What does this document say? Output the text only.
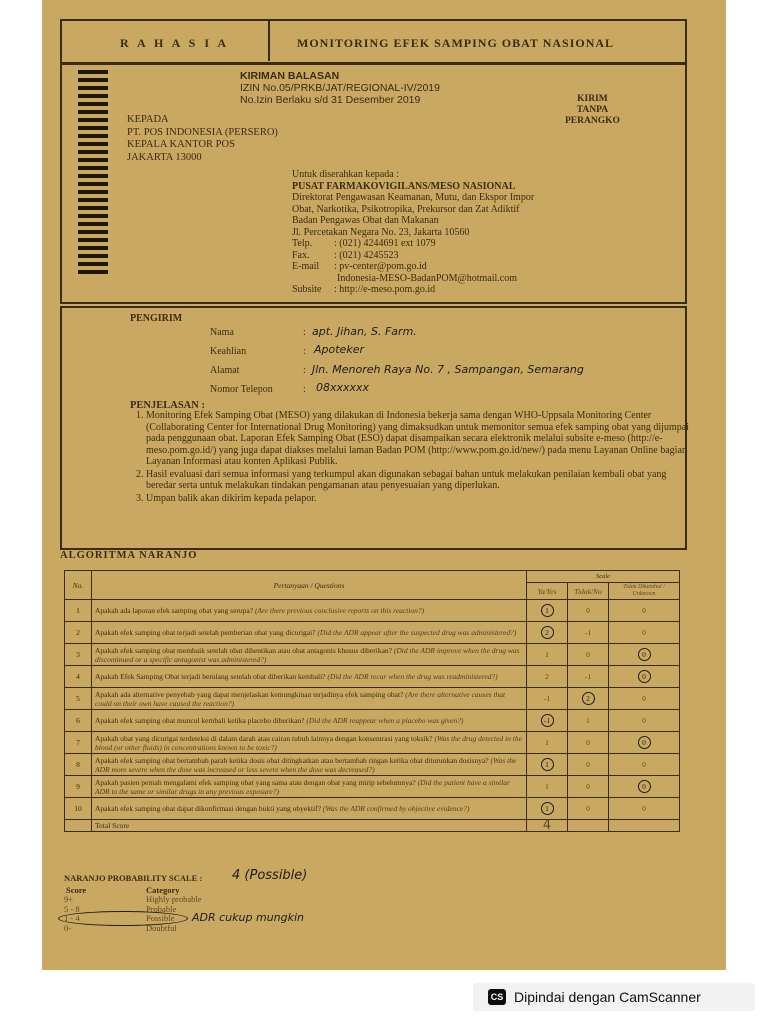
R A H A S I A	MONITORING EFEK SAMPING OBAT NASIONAL
KIRIMAN BALASAN
IZIN No.05/PRKB/JAT/REGIONAL-IV/2019
No.Izin Berlaku s/d 31 Desember 2019	KIRIM
TANPA
PERANGKO
KEPADA
PT. POS INDONESIA (PERSERO)
KEPALA KANTOR POS
JAKARTA 13000
Untuk diserahkan kepada :
PUSAT FARMAKOVIGILANS/MESO NASIONAL
Direktorat Pengawasan Keamanan, Mutu, dan Ekspor Impor
Obat, Narkotika, Psikotropika, Prekursor dan Zat Adiktif
Badan Pengawas Obat dan Makanan
Jl. Percetakan Negara No. 23, Jakarta 10560
Telp. : (021) 4244691 ext 1079
Fax. : (021) 4245523
E-mail : pv-center@pom.go.id
Indonesia-MESO-BadanPOM@hotmail.com
Subsite : http://e-meso.pom.go.id
PENGIRIM
Nama	: apt. Jihan, S. Farm.
Keahlian	: Apoteker
Alamat	: Jln. Menoreh Raya No. 7 , Sampangan, Semarang
Nomor Telepon	: 08xxxxxx
PENJELASAN :
1. Monitoring Efek Samping Obat (MESO) yang dilakukan di Indonesia bekerja sama dengan WHO-Uppsala Monitoring Center (Collaborating Center for International Drug Monitoring) yang dimaksudkan untuk memonitor semua efek samping obat yang dijumpai pada penggunaan obat. Laporan Efek Samping Obat (ESO) dapat disampaikan secara elektronik melalui subsite e-meso (http://e-meso.pom.go.id/) yang juga dapat diakses melalui laman Badan POM (http://www.pom.go.id/new/) pada menu Layanan Online bagian Layanan Informasi atau konten Aplikasi Publik.
2. Hasil evaluasi dari semua informasi yang terkumpul akan digunakan sebagai bahan untuk melakukan penilaian kembali obat yang beredar serta untuk melakukan tindakan pengamanan atau penyesuaian yang diperlukan.
3. Umpan balik akan dikirim kepada pelapor.
ALGORITMA NARANJO
No.	Pertanyaan / Questions	Scale		
		Ya/Yes	Tidak/No	Tidak Diketahui / Unknown
1	Apakah ada laporan efek samping obat yang serupa? (Are there previous conclusive reports on this reaction?)	1	0	0
2	Apakah efek samping obat terjadi setelah pemberian obat yang dicurigai? (Did the ADR appear after the suspected drug was administered?)	2	-1	0
3	Apakah efek samping obat membaik setelah obat dihentikan atau obat antagonis khusus diberikan? (Did the ADR improve when the drug was discontinued or a specific antagonist was administered?)	1	0	0
4	Apakah Efek Samping Obat terjadi berulang setelah obat diberikan kembali? (Did the ADR recur when the drug was readministered?)	2	-1	0
5	Apakah ada alternative penyebab yang dapat menjelaskan kemungkinan terjadinya efek samping obat? (Are there alternative causes that could on their own have caused the reaction?)	-1	2	0
6	Apakah efek samping obat muncul kembali ketika placebo diberikan? (Did the ADR reappear when a placebo was given?)	-1	1	0
7	Apakah obat yang dicurigai terdeteksi di dalam darah atau cairan tubuh lainnya dengan konsentrasi yang toksik? (Was the drug detected in the blood (or other fluids) in concentrations known to be toxic?)	1	0	0
8	Apakah efek samping obat bertambah parah ketika dosis obat ditingkatkan atau bertambah ringan ketika obat diturunkan dosisnya? (Was the ADR more severe when the dose was increased or less severe when the dose was decreased?)	1	0	0
9	Apakah pasien pernah mengalami efek samping obat yang sama atau dengan obat yang mirip sebelumnya? (Did the patient have a similar ADR to the same or similar drugs in any previous exposure?)	1	0	0
10	Apakah efek samping obat dapat dikonfirmasi dengan bukti yang obyektif? (Was the ADR confirmed by objective evidence?)	1	0	0
	Total Score	4		
NARANJO PROBABILITY SCALE : 4 (Possible)
Score	Category
9+	Highly probable
5 - 8	Probable
1 - 4	Possible
0-	Doubtful
ADR cukup mungkin
CS Dipindai dengan CamScanner
